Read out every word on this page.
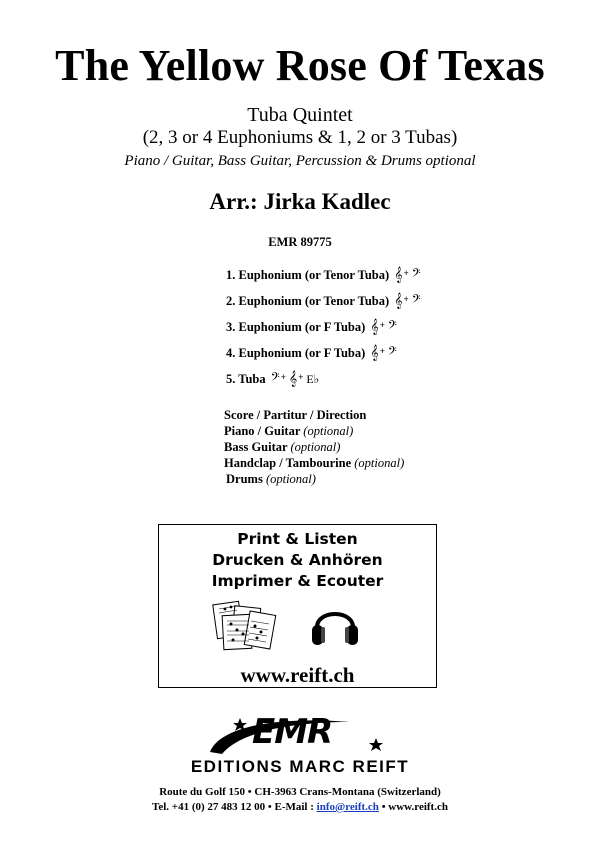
The Yellow Rose Of Texas
Tuba Quintet
(2, 3 or 4 Euphoniums & 1, 2 or 3 Tubas)
Piano / Guitar, Bass Guitar, Percussion & Drums optional
Arr.: Jirka Kadlec
EMR 89775
1. Euphonium (or Tenor Tuba) 𝄞+ 𝄢
2. Euphonium (or Tenor Tuba) 𝄞+ 𝄢
3. Euphonium (or F Tuba) 𝄞+ 𝄢
4. Euphonium (or F Tuba) 𝄞+ 𝄢
5. Tuba 𝄢+ 𝄞+ E♭
Score / Partitur / Direction
Piano / Guitar (optional)
Bass Guitar (optional)
Handclap / Tambourine (optional)
Drums (optional)
Print & Listen
Drucken & Anhören
Imprimer & Ecouter
www.reift.ch
EMR
EDITIONS MARC REIFT
Route du Golf 150 • CH-3963 Crans-Montana (Switzerland)
Tel. +41 (0) 27 483 12 00 • E-Mail : info@reift.ch • www.reift.ch
